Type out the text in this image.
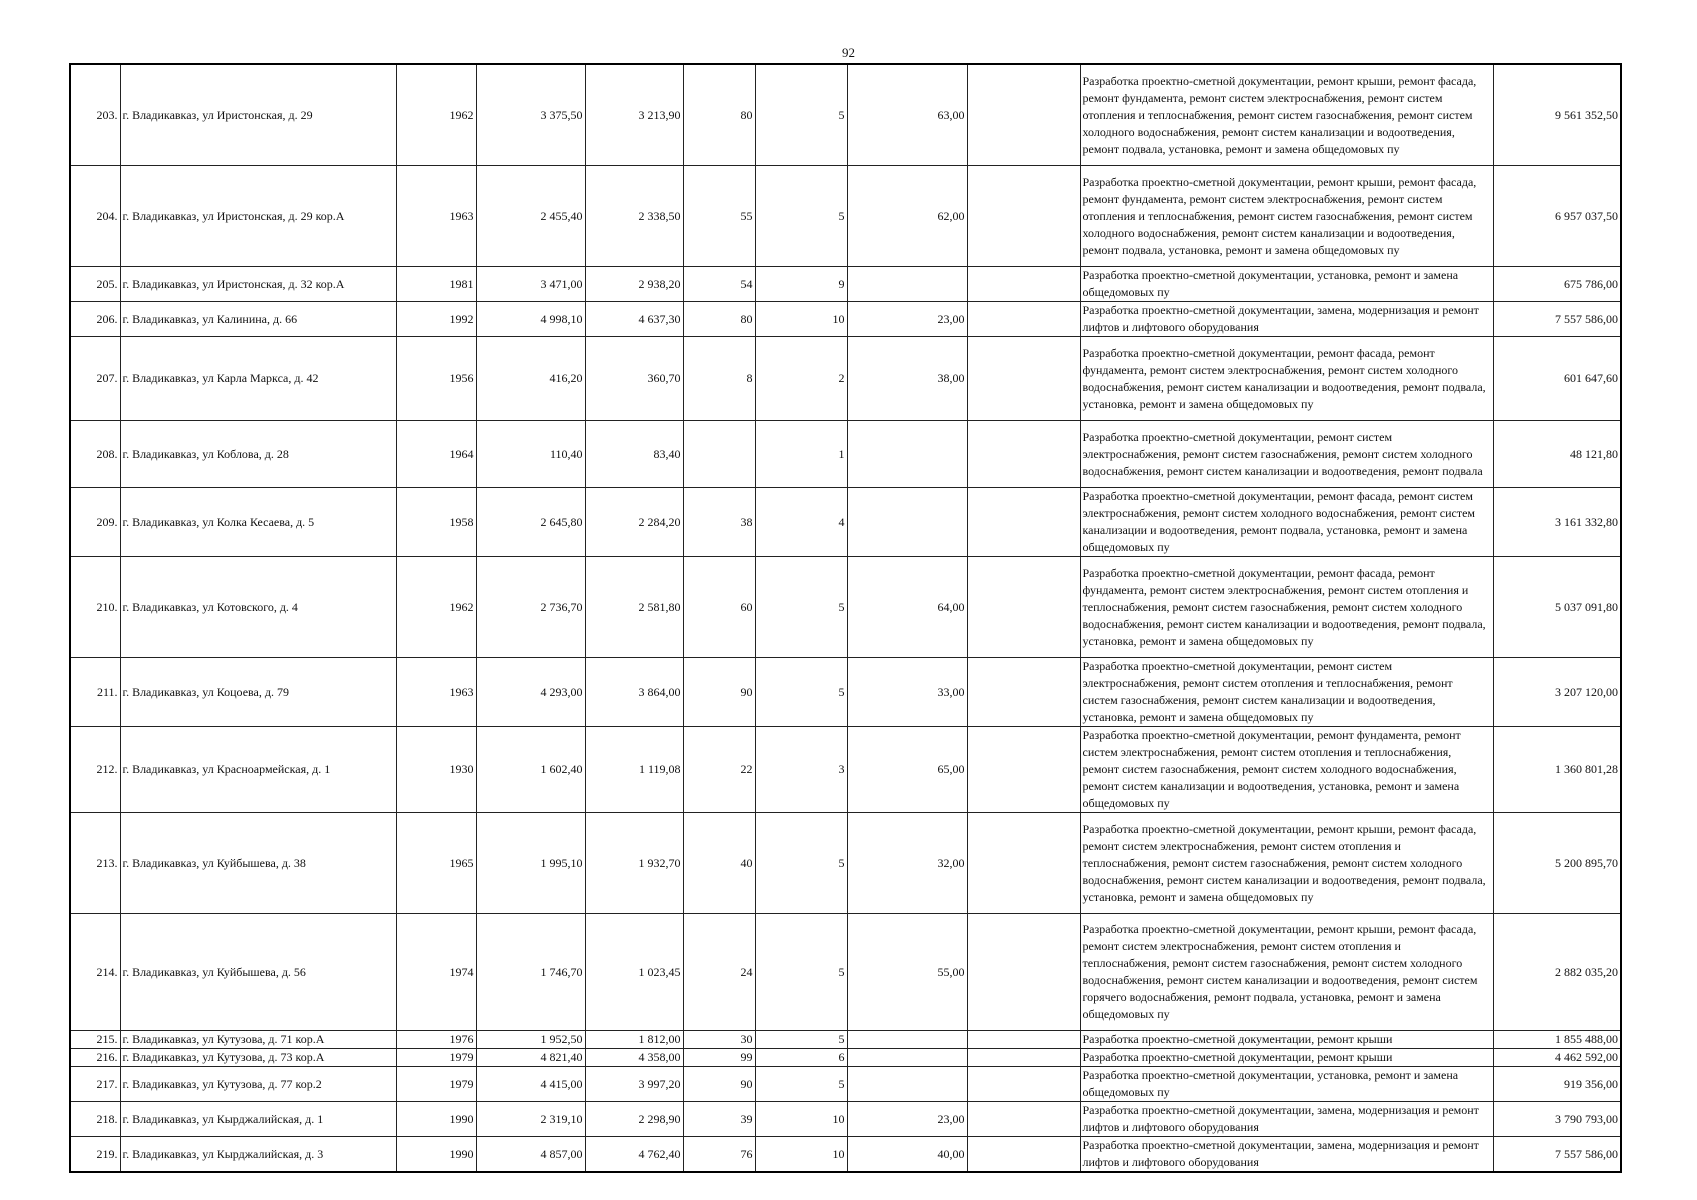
92
203.	г. Владикавказ, ул Иристонская, д. 29	1962	3 375,50	3 213,90	80	5	63,00		Разработка проектно-сметной документации, ремонт крыши, ремонт фасада, ремонт фундамента, ремонт систем электроснабжения, ремонт систем отопления и теплоснабжения, ремонт систем газоснабжения, ремонт систем холодного водоснабжения, ремонт систем канализации и водоотведения, ремонт подвала, установка, ремонт и замена общедомовых пу	9 561 352,50
204.	г. Владикавказ, ул Иристонская, д. 29 кор.А	1963	2 455,40	2 338,50	55	5	62,00		Разработка проектно-сметной документации, ремонт крыши, ремонт фасада, ремонт фундамента, ремонт систем электроснабжения, ремонт систем отопления и теплоснабжения, ремонт систем газоснабжения, ремонт систем холодного водоснабжения, ремонт систем канализации и водоотведения, ремонт подвала, установка, ремонт и замена общедомовых пу	6 957 037,50
205.	г. Владикавказ, ул Иристонская, д. 32 кор.А	1981	3 471,00	2 938,20	54	9			Разработка проектно-сметной документации, установка, ремонт и замена общедомовых пу	675 786,00
206.	г. Владикавказ, ул Калинина, д. 66	1992	4 998,10	4 637,30	80	10	23,00		Разработка проектно-сметной документации, замена, модернизация и ремонт лифтов и лифтового оборудования	7 557 586,00
207.	г. Владикавказ, ул Карла Маркса, д. 42	1956	416,20	360,70	8	2	38,00		Разработка проектно-сметной документации, ремонт фасада, ремонт фундамента, ремонт систем электроснабжения, ремонт систем холодного водоснабжения, ремонт систем канализации и водоотведения, ремонт подвала, установка, ремонт и замена общедомовых пу	601 647,60
208.	г. Владикавказ, ул Коблова, д. 28	1964	110,40	83,40		1			Разработка проектно-сметной документации, ремонт систем электроснабжения, ремонт систем газоснабжения, ремонт систем холодного водоснабжения, ремонт систем канализации и водоотведения, ремонт подвала	48 121,80
209.	г. Владикавказ, ул Колка Кесаева, д. 5	1958	2 645,80	2 284,20	38	4			Разработка проектно-сметной документации, ремонт фасада, ремонт систем электроснабжения, ремонт систем холодного водоснабжения, ремонт систем канализации и водоотведения, ремонт подвала, установка, ремонт и замена общедомовых пу	3 161 332,80
210.	г. Владикавказ, ул Котовского, д. 4	1962	2 736,70	2 581,80	60	5	64,00		Разработка проектно-сметной документации, ремонт фасада, ремонт фундамента, ремонт систем электроснабжения, ремонт систем отопления и теплоснабжения, ремонт систем газоснабжения, ремонт систем холодного водоснабжения, ремонт систем канализации и водоотведения, ремонт подвала, установка, ремонт и замена общедомовых пу	5 037 091,80
211.	г. Владикавказ, ул Коцоева, д. 79	1963	4 293,00	3 864,00	90	5	33,00		Разработка проектно-сметной документации, ремонт систем электроснабжения, ремонт систем отопления и теплоснабжения, ремонт систем газоснабжения, ремонт систем канализации и водоотведения, установка, ремонт и замена общедомовых пу	3 207 120,00
212.	г. Владикавказ, ул Красноармейская, д. 1	1930	1 602,40	1 119,08	22	3	65,00		Разработка проектно-сметной документации, ремонт фундамента, ремонт систем электроснабжения, ремонт систем отопления и теплоснабжения, ремонт систем газоснабжения, ремонт систем холодного водоснабжения, ремонт систем канализации и водоотведения, установка, ремонт и замена общедомовых пу	1 360 801,28
213.	г. Владикавказ, ул Куйбышева, д. 38	1965	1 995,10	1 932,70	40	5	32,00		Разработка проектно-сметной документации, ремонт крыши, ремонт фасада, ремонт систем электроснабжения, ремонт систем отопления и теплоснабжения, ремонт систем газоснабжения, ремонт систем холодного водоснабжения, ремонт систем канализации и водоотведения, ремонт подвала, установка, ремонт и замена общедомовых пу	5 200 895,70
214.	г. Владикавказ, ул Куйбышева, д. 56	1974	1 746,70	1 023,45	24	5	55,00		Разработка проектно-сметной документации, ремонт крыши, ремонт фасада, ремонт систем электроснабжения, ремонт систем отопления и теплоснабжения, ремонт систем газоснабжения, ремонт систем холодного водоснабжения, ремонт систем канализации и водоотведения, ремонт систем горячего водоснабжения, ремонт подвала, установка, ремонт и замена общедомовых пу	2 882 035,20
215.	г. Владикавказ, ул Кутузова, д. 71 кор.А	1976	1 952,50	1 812,00	30	5			Разработка проектно-сметной документации, ремонт крыши	1 855 488,00
216.	г. Владикавказ, ул Кутузова, д. 73 кор.А	1979	4 821,40	4 358,00	99	6			Разработка проектно-сметной документации, ремонт крыши	4 462 592,00
217.	г. Владикавказ, ул Кутузова, д. 77 кор.2	1979	4 415,00	3 997,20	90	5			Разработка проектно-сметной документации, установка, ремонт и замена общедомовых пу	919 356,00
218.	г. Владикавказ, ул Кырджалийская, д. 1	1990	2 319,10	2 298,90	39	10	23,00		Разработка проектно-сметной документации, замена, модернизация и ремонт лифтов и лифтового оборудования	3 790 793,00
219.	г. Владикавказ, ул Кырджалийская, д. 3	1990	4 857,00	4 762,40	76	10	40,00		Разработка проектно-сметной документации, замена, модернизация и ремонт лифтов и лифтового оборудования	7 557 586,00
